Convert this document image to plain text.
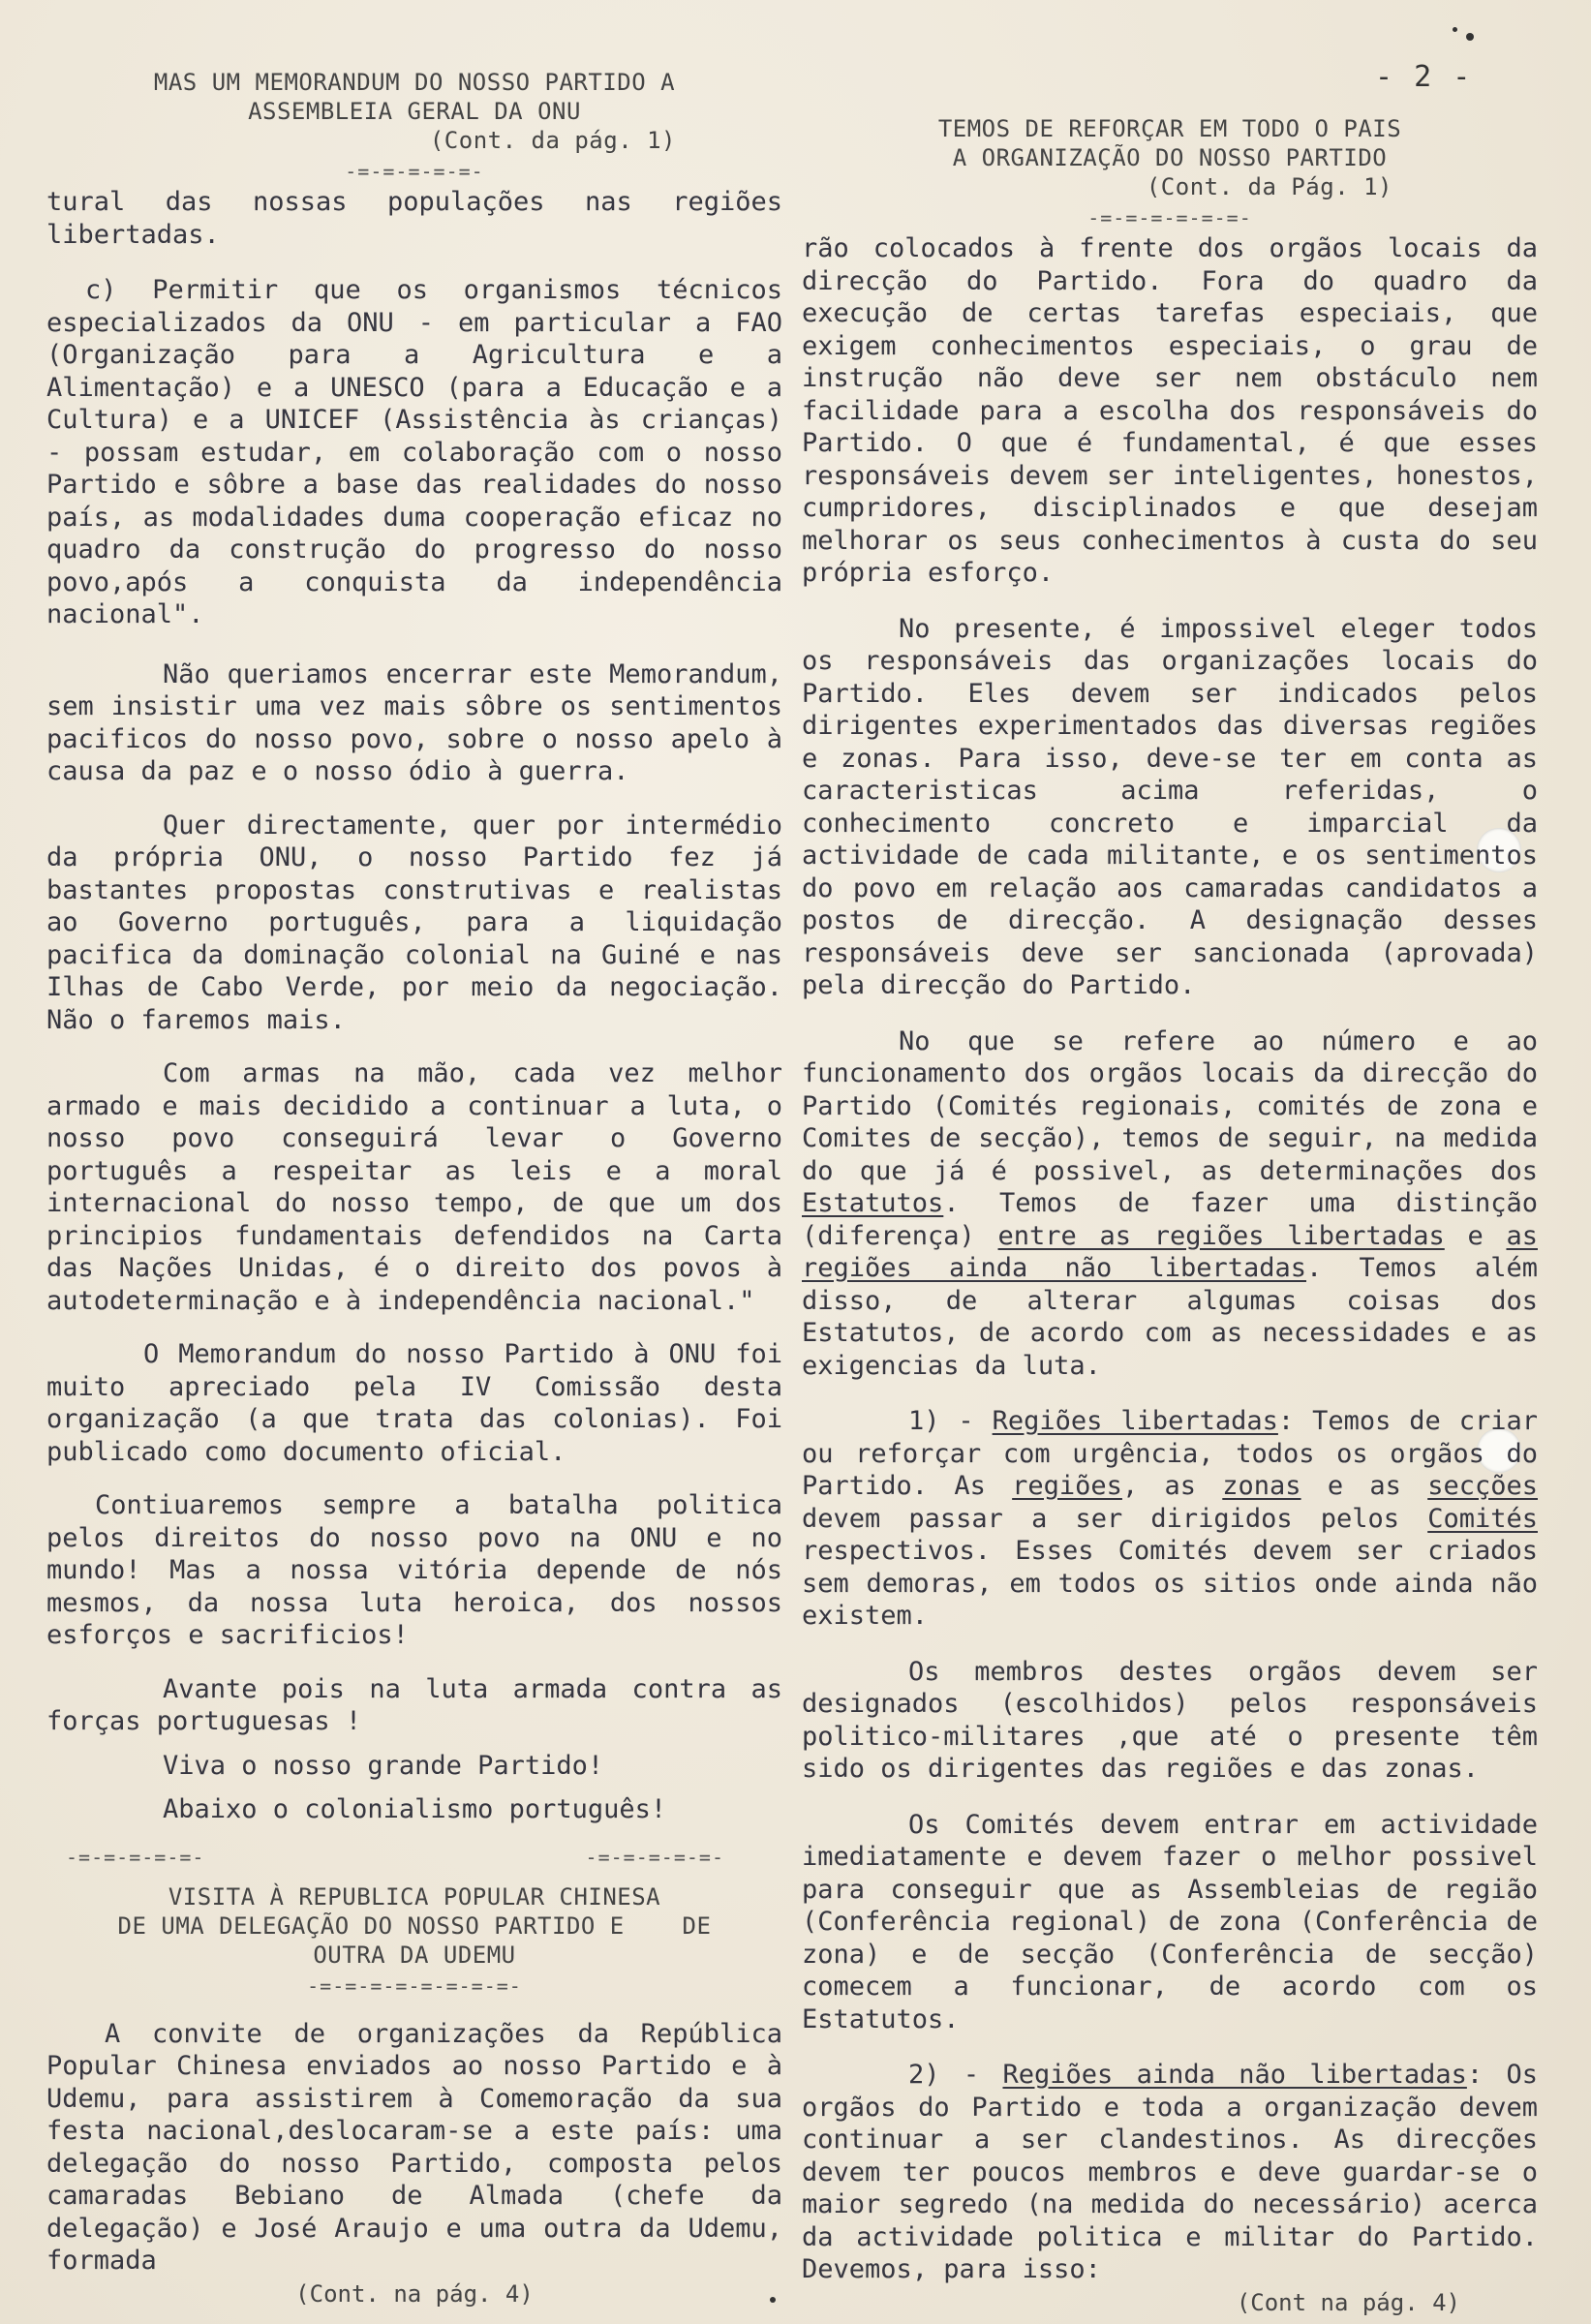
- 2 -
MAS UM MEMORANDUM DO NOSSO PARTIDO A
ASSEMBLEIA GERAL DA ONU
(Cont. da pág. 1)
-=-=-=-=-=-

tural das nossas populações nas regiões libertadas.

c) Permitir que os organismos técnicos especializados da ONU - em particular a FAO (Organização para a Agricultura e a Alimentação) e a UNESCO (para a Educação e a Cultura) e a UNICEF (Assistência às crianças) - possam estudar, em colaboração com o nosso Partido e sôbre a base das realidades do nosso país, as modalidades duma cooperação eficaz no quadro da construção do progresso do nosso povo,após a conquista da independência nacional".

Não queriamos encerrar este Memorandum, sem insistir uma vez mais sôbre os sentimentos pacificos do nosso povo, sobre o nosso apelo à causa da paz e o nosso ódio à guerra.

Quer directamente, quer por intermédio da própria ONU, o nosso Partido fez já bastantes propostas construtivas e realistas ao Governo português, para a liquidação pacifica da dominação colonial na Guiné e nas Ilhas de Cabo Verde, por meio da negociação. Não o faremos mais.

Com armas na mão, cada vez melhor armado e mais decidido a continuar a luta, o nosso povo conseguirá levar o Governo português a respeitar as leis e a moral internacional do nosso tempo, de que um dos principios fundamentais defendidos na Carta das Nações Unidas, é o direito dos povos à autodeterminação e à independência nacional."

O Memorandum do nosso Partido à ONU foi muito apreciado pela IV Comissão desta organização (a que trata das colonias). Foi publicado como documento oficial.

Contiuaremos sempre a batalha politica pelos direitos do nosso povo na ONU e no mundo! Mas a nossa vitória depende de nós mesmos, da nossa luta heroica, dos nossos esforços e sacrificios!

Avante pois na luta armada contra as forças portuguesas !

Viva o nosso grande Partido!

Abaixo o colonialismo português!

-=-=-=-=-=-	-=-=-=-=-=-
VISITA À REPUBLICA POPULAR CHINESA
DE UMA DELEGAÇÃO DO NOSSO PARTIDO E    DE
OUTRA DA UDEMU
-=-=-=-=-=-=-=-=-

A convite de organizações da República Popular Chinesa enviados ao nosso Partido e à Udemu, para assistirem à Comemoração da sua festa nacional,deslocaram-se a este país: uma delegação do nosso Partido, composta pelos camaradas Bebiano de Almada (chefe da delegação) e José Araujo e uma outra da Udemu, formada

(Cont. na pág. 4)
TEMOS DE REFORÇAR EM TODO O PAIS
A ORGANIZAÇÃO DO NOSSO PARTIDO
(Cont. da Pág. 1)
-=-=-=-=-=-=-

rão colocados à frente dos orgãos locais da direcção do Partido. Fora do quadro da execução de certas tarefas especiais, que exigem conhecimentos especiais, o grau de instrução não deve ser nem obstáculo nem facilidade para a escolha dos responsáveis do Partido. O que é fundamental, é que esses responsáveis devem ser inteligentes, honestos, cumpridores, disciplinados e que desejam melhorar os seus conhecimentos à custa do seu própria esforço.

No presente, é impossivel eleger todos os responsáveis das organizações locais do Partido. Eles devem ser indicados pelos dirigentes experimentados das diversas regiões e zonas. Para isso, deve-se ter em conta as caracteristicas acima referidas, o conhecimento concreto e imparcial da actividade de cada militante, e os sentimentos do povo em relação aos camaradas candidatos a postos de direcção. A designação desses responsáveis deve ser sancionada (aprovada) pela direcção do Partido.

No que se refere ao número e ao funcionamento dos orgãos locais da direcção do Partido (Comités regionais, comités de zona e Comites de secção), temos de seguir, na medida do que já é possivel, as determinações dos Estatutos. Temos de fazer uma distinção (diferença) entre as regiões libertadas e as regiões ainda não libertadas. Temos além disso, de alterar algumas coisas dos Estatutos, de acordo com as necessidades e as exigencias da luta.

1) - Regiões libertadas: Temos de criar ou reforçar com urgência, todos os orgãos do Partido. As regiões, as zonas e as secções devem passar a ser dirigidos pelos Comités respectivos. Esses Comités devem ser criados sem demoras, em todos os sitios onde ainda não existem.

Os membros destes orgãos devem ser designados (escolhidos) pelos responsáveis politico-militares ,que até o presente têm sido os dirigentes das regiões e das zonas.

Os Comités devem entrar em actividade imediatamente e devem fazer o melhor possivel para conseguir que as Assembleias de região (Conferência regional) de zona (Conferência de zona) e de secção (Conferência de secção) comecem a funcionar, de acordo com os Estatutos.

2) - Regiões ainda não libertadas: Os orgãos do Partido e toda a organização devem continuar a ser clandestinos. As direcções devem ter poucos membros e deve guardar-se o maior segredo (na medida do necessário) acerca da actividade politica e militar do Partido. Devemos, para isso:

(Cont na pág. 4)
